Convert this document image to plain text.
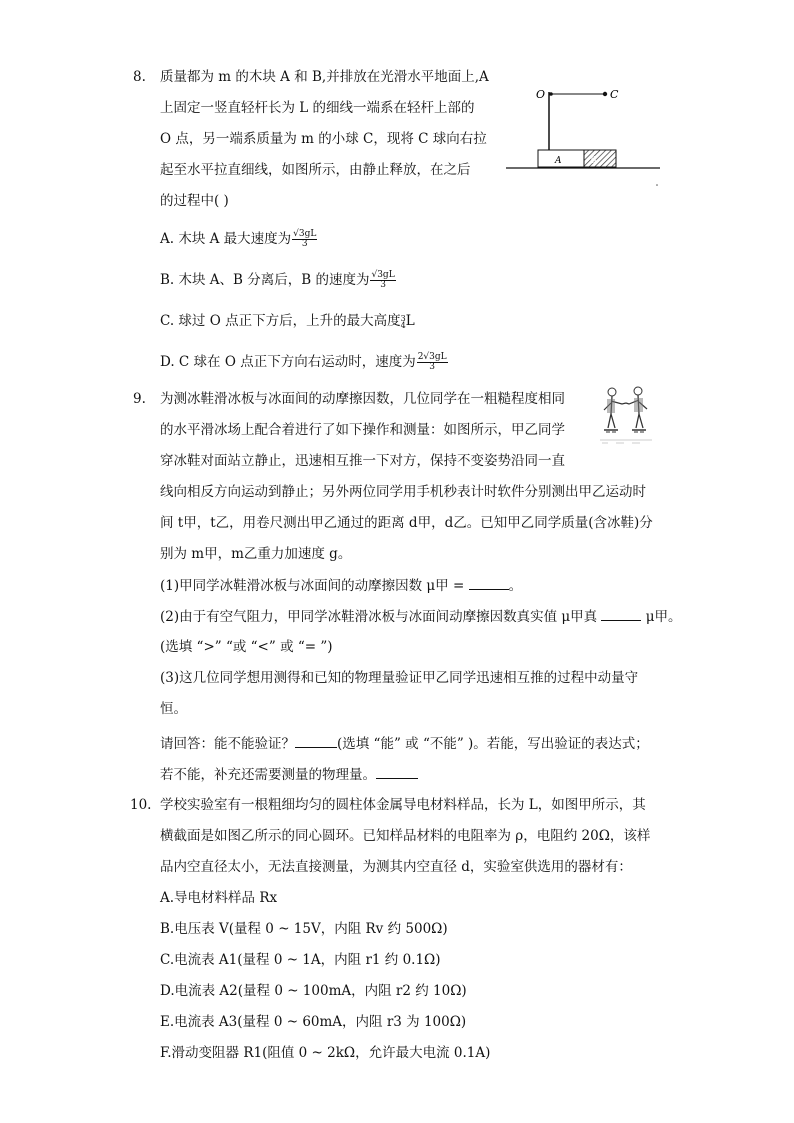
8. 质量都为 m 的木块 A 和 B,并排放在光滑水平地面上,A
上固定一竖直轻杆长为 L 的细线一端系在轻杆上部的
O 点，另一端系质量为 m 的小球 C，现将 C 球向右拉
起至水平拉直细线，如图所示，由静止释放，在之后
的过程中( )
O	C
A	B
A. 木块 A 最大速度为 $\frac{√3gL}{3}$
B. 木块 A、B 分离后，B 的速度为 $\frac{√3gL}{3}$
C. 球过 O 点正下方后，上升的最大高度 3
4 L
D. C 球在 O 点正下方向右运动时，速度为 $\frac{2√3gL}{3}$
9. 为测冰鞋滑冰板与冰面间的动摩擦因数，几位同学在一粗糙程度相同
的水平滑冰场上配合着进行了如下操作和测量：如图所示，甲乙同学
穿冰鞋对面站立静止，迅速相互推一下对方，保持不变姿势沿同一直
线向相反方向运动到静止；另外两位同学用手机秒表计时软件分别测出甲乙运动时
间 t甲，t乙，用卷尺测出甲乙通过的距离 d甲，d乙。已知甲乙同学质量(含冰鞋)分
别为 m甲，m乙重力加速度 g。
(1)甲同学冰鞋滑冰板与冰面间的动摩擦因数 μ甲 =	。
(2)由于有空气阻力，甲同学冰鞋滑冰板与冰面间动摩擦因数真实值 μ甲真	μ甲。
(选填 “>” “或 “<” 或 “= ”)
(3)这几位同学想用测得和已知的物理量验证甲乙同学迅速相互推的过程中动量守
恒。
请回答：能不能验证？	(选填 “能” 或 “不能” )。若能，写出验证的表达式；
若不能，补充还需要测量的物理量。
10. 学校实验室有一根粗细均匀的圆柱体金属导电材料样品，长为 L，如图甲所示，其
横截面是如图乙所示的同心圆环。已知样品材料的电阻率为 ρ，电阻约 20Ω，该样
品内空直径太小，无法直接测量，为测其内空直径 d，实验室供选用的器材有：
A.导电材料样品 Rx
B.电压表 V(量程 0 ~ 15V，内阻 Rv 约 500Ω)
C.电流表 A1(量程 0 ~ 1A，内阻 r1 约 0.1Ω)
D.电流表 A2(量程 0 ~ 100mA，内阻 r2 约 10Ω)
E.电流表 A3(量程 0 ~ 60mA，内阻 r3 为 100Ω)
F.滑动变阻器 R1(阻值 0 ~ 2kΩ，允许最大电流 0.1A)
